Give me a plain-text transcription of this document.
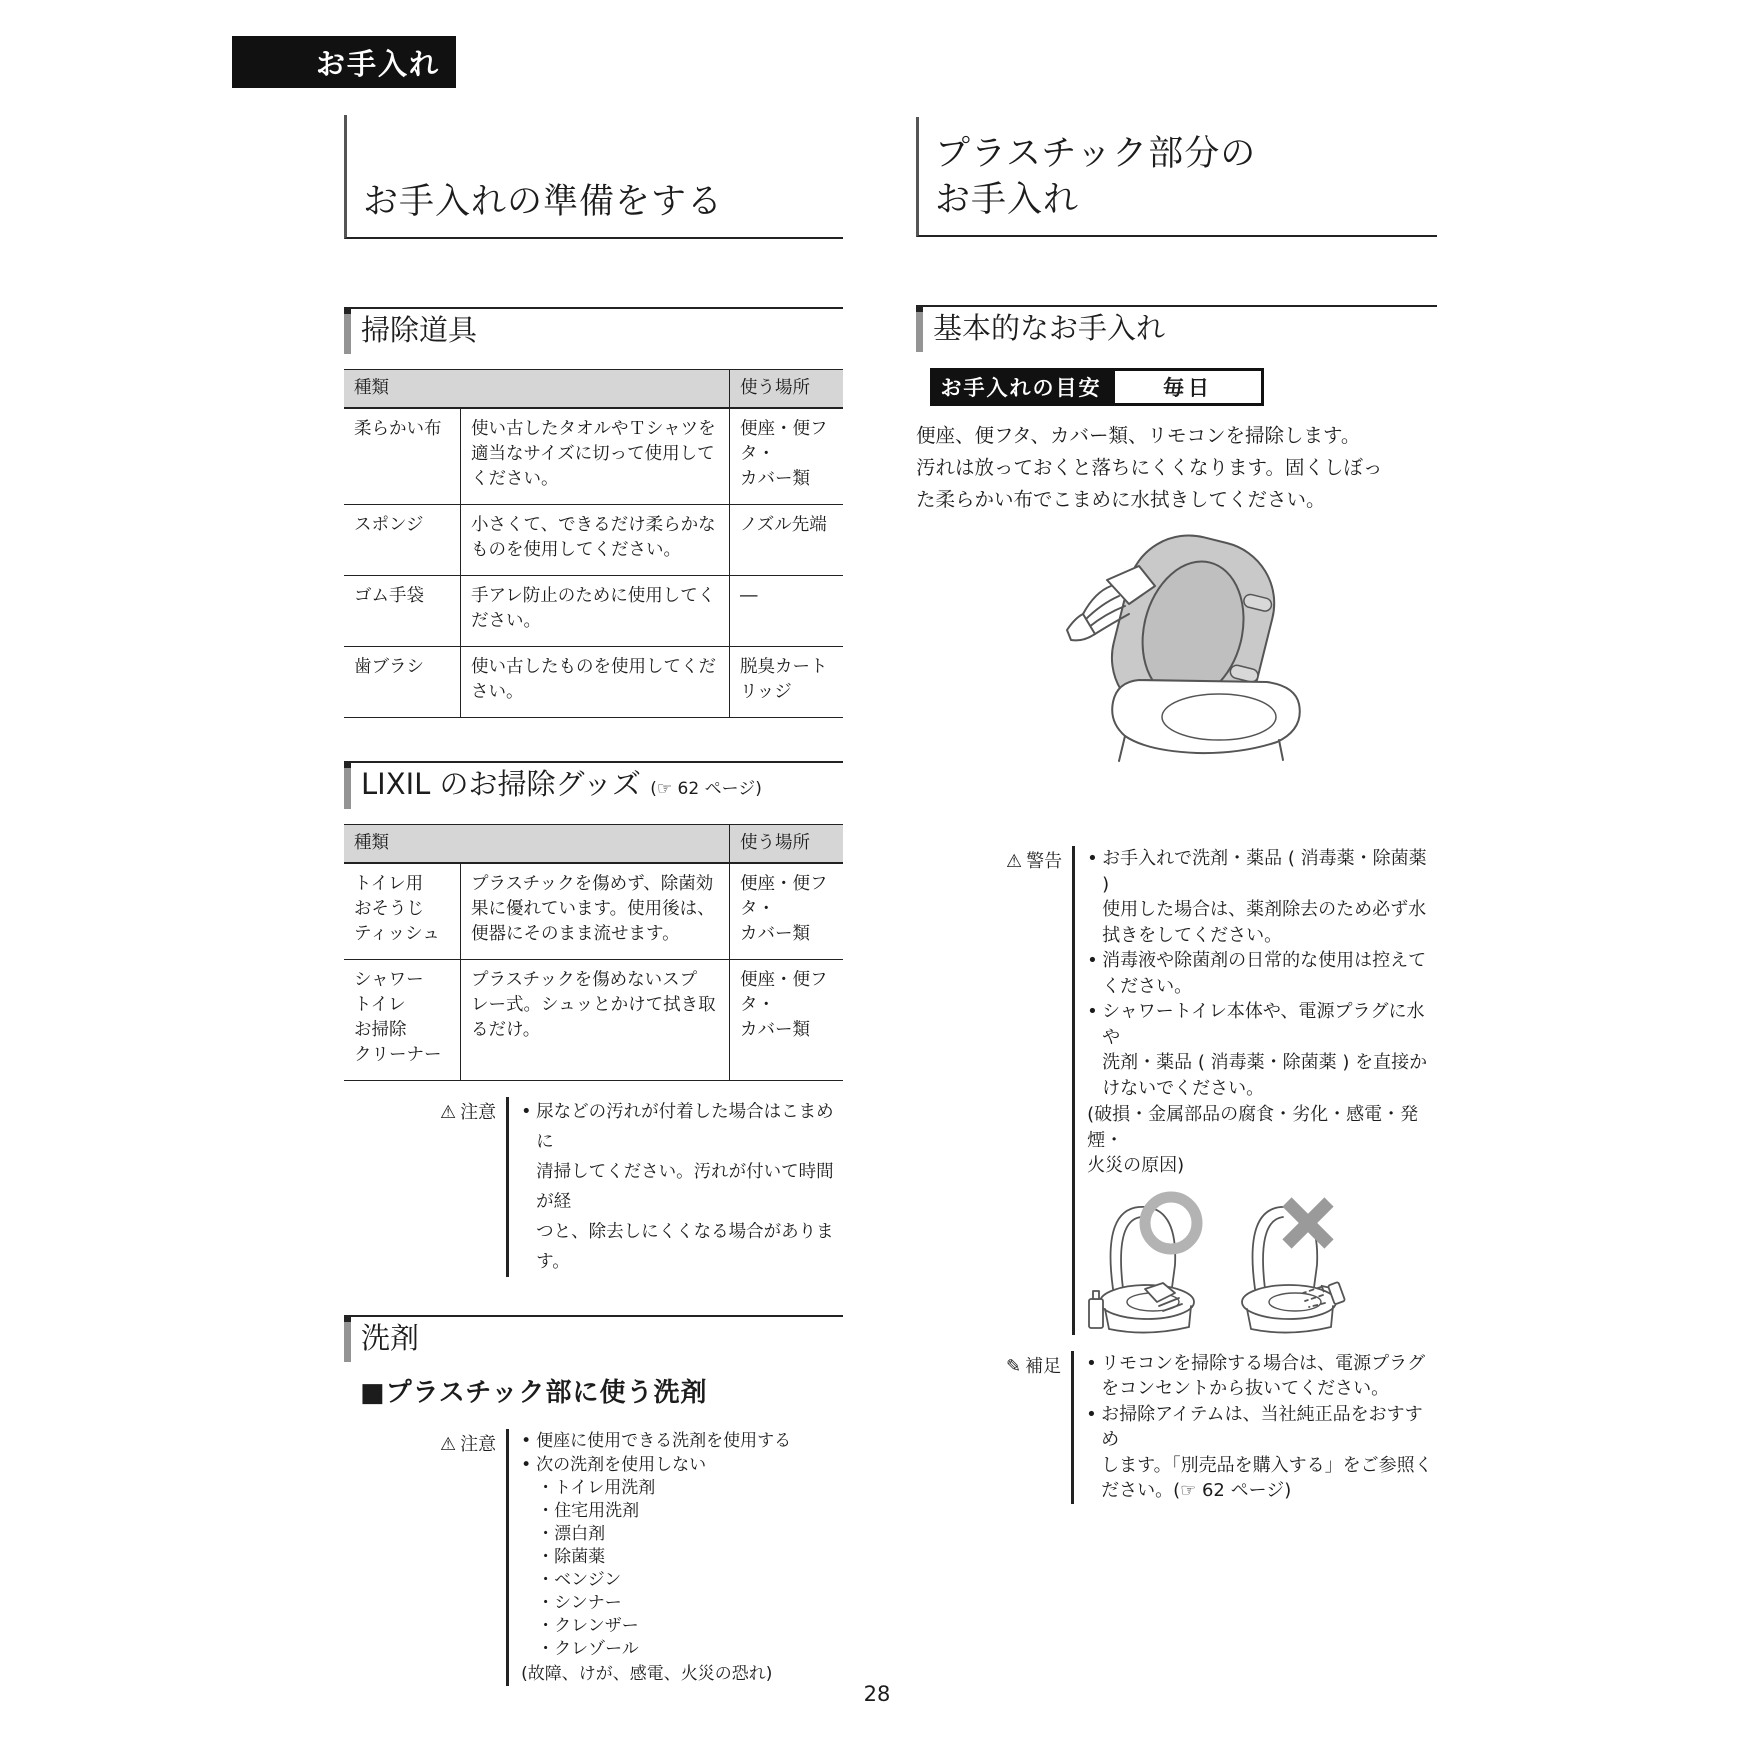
お手入れ
お手入れの準備をする
掃除道具
種類		使う場所
柔らかい布	使い古したタオルやＴシャツを
適当なサイズに切って使用して
ください。	便座・便フタ・
カバー類
スポンジ	小さくて、できるだけ柔らかな
ものを使用してください。	ノズル先端
ゴム手袋	手アレ防止のために使用してく
ださい。	―
歯ブラシ	使い古したものを使用してくだ
さい。	脱臭カート
リッジ
LIXIL のお掃除グッズ (☞ 62 ページ)
種類		使う場所
トイレ用
おそうじ
ティッシュ	プラスチックを傷めず、除菌効
果に優れています。使用後は、
便器にそのまま流せます。	便座・便フタ・
カバー類
シャワー
トイレ
お掃除
クリーナー	プラスチックを傷めないスプ
レー式。シュッとかけて拭き取
るだけ。	便座・便フタ・
カバー類
⚠ 注意	• 尿などの汚れが付着した場合はこまめに
清掃してください。汚れが付いて時間が経
つと、除去しにくくなる場合があります。
洗剤
■プラスチック部に使う洗剤
⚠ 注意	• 便座に使用できる洗剤を使用する
• 次の洗剤を使用しない
・トイレ用洗剤
・住宅用洗剤
・漂白剤
・除菌薬
・ベンジン
・シンナー
・クレンザー
・クレゾール
(故障、けが、感電、火災の恐れ)
プラスチック部分の
お手入れ
基本的なお手入れ
お手入れの目安	毎日
便座、便フタ、カバー類、リモコンを掃除します。
汚れは放っておくと落ちにくくなります。固くしぼっ
た柔らかい布でこまめに水拭きしてください。
⚠ 警告	• お手入れで洗剤・薬品 ( 消毒薬・除菌薬 )
使用した場合は、薬剤除去のため必ず水
拭きをしてください。
• 消毒液や除菌剤の日常的な使用は控えて
ください。
• シャワートイレ本体や、電源プラグに水や
洗剤・薬品 ( 消毒薬・除菌薬 ) を直接か
けないでください。
(破損・金属部品の腐食・劣化・感電・発煙・
火災の原因)
✎ 補足	• リモコンを掃除する場合は、電源プラグ
をコンセントから抜いてください。
• お掃除アイテムは、当社純正品をおすすめ
します。「別売品を購入する」をご参照く
ださい。(☞ 62 ページ)
28
